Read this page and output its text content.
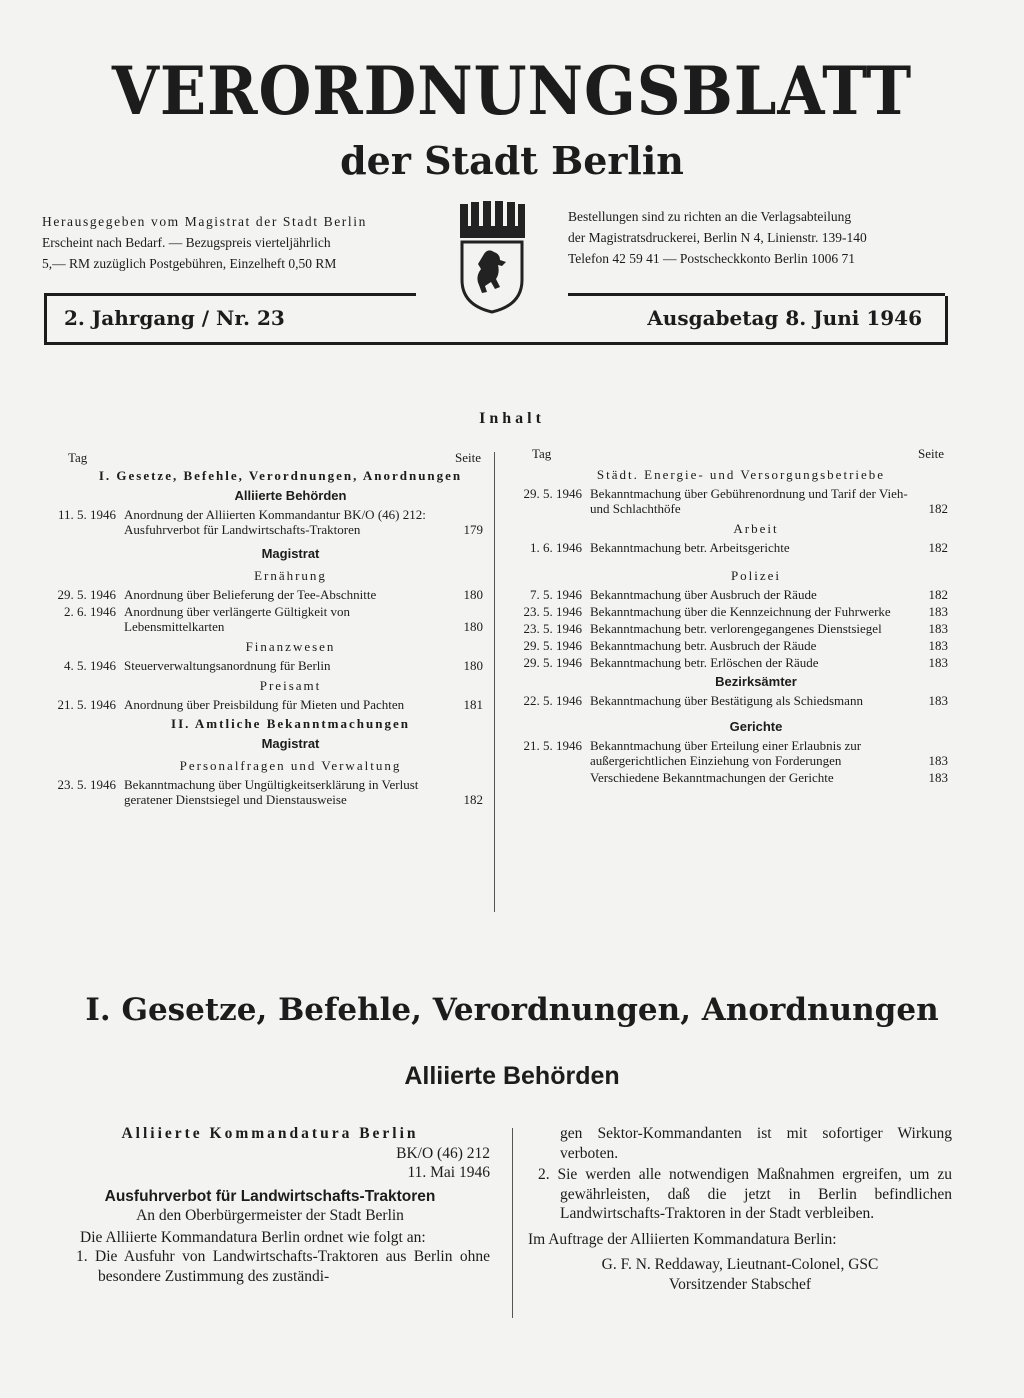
VERORDNUNGSBLATT
der Stadt Berlin
Herausgegeben vom Magistrat der Stadt Berlin
Erscheint nach Bedarf. — Bezugspreis vierteljährlich
5,— RM zuzüglich Postgebühren, Einzelheft 0,50 RM
Bestellungen sind zu richten an die Verlagsabteilung
der Magistratsdruckerei, Berlin N 4, Linienstr. 139-140
Telefon 42 59 41 — Postscheckkonto Berlin 1006 71
2. Jahrgang / Nr. 23	Ausgabetag 8. Juni 1946
Inhalt
Tag	Seite
I. Gesetze, Befehle, Verordnungen, Anordnungen
Alliierte Behörden
11. 5. 1946 Anordnung der Alliierten Kommandantur BK/O (46) 212: Ausfuhrverbot für Landwirtschafts-Traktoren	179
Magistrat
Ernährung
29. 5. 1946 Anordnung über Belieferung der Tee-Abschnitte	180
2. 6. 1946 Anordnung über verlängerte Gültigkeit von Lebensmittelkarten	180
Finanzwesen
4. 5. 1946 Steuerverwaltungsanordnung für Berlin	180
Preisamt
21. 5. 1946 Anordnung über Preisbildung für Mieten und Pachten	181
II. Amtliche Bekanntmachungen
Magistrat
Personalfragen und Verwaltung
23. 5. 1946 Bekanntmachung über Ungültigkeitserklärung in Verlust geratener Dienstsiegel und Dienstausweise	182
Tag	Seite
Städt. Energie- und Versorgungsbetriebe
29. 5. 1946 Bekanntmachung über Gebührenordnung und Tarif der Vieh- und Schlachthöfe	182
Arbeit
1. 6. 1946 Bekanntmachung betr. Arbeitsgerichte	182
Polizei
7. 5. 1946 Bekanntmachung über Ausbruch der Räude	182
23. 5. 1946 Bekanntmachung über die Kennzeichnung der Fuhrwerke	183
23. 5. 1946 Bekanntmachung betr. verlorengegangenes Dienstsiegel	183
29. 5. 1946 Bekanntmachung betr. Ausbruch der Räude	183
29. 5. 1946 Bekanntmachung betr. Erlöschen der Räude	183
Bezirksämter
22. 5. 1946 Bekanntmachung über Bestätigung als Schiedsmann	183
Gerichte
21. 5. 1946 Bekanntmachung über Erteilung einer Erlaubnis zur außergerichtlichen Einziehung von Forderungen	183
Verschiedene Bekanntmachungen der Gerichte	183
I. Gesetze, Befehle, Verordnungen, Anordnungen
Alliierte Behörden
Alliierte Kommandatura Berlin
BK/O (46) 212
11. Mai 1946
Ausfuhrverbot für Landwirtschafts-Traktoren
An den Oberbürgermeister der Stadt Berlin
Die Alliierte Kommandatura Berlin ordnet wie folgt an:
1. Die Ausfuhr von Landwirtschafts-Traktoren aus Berlin ohne besondere Zustimmung des zuständi-
gen Sektor-Kommandanten ist mit sofortiger Wirkung verboten.
2. Sie werden alle notwendigen Maßnahmen ergreifen, um zu gewährleisten, daß die jetzt in Berlin befindlichen Landwirtschafts-Traktoren in der Stadt verbleiben.
Im Auftrage der Alliierten Kommandatura Berlin:
G. F. N. Reddaway, Lieutnant-Colonel, GSC
Vorsitzender Stabschef
